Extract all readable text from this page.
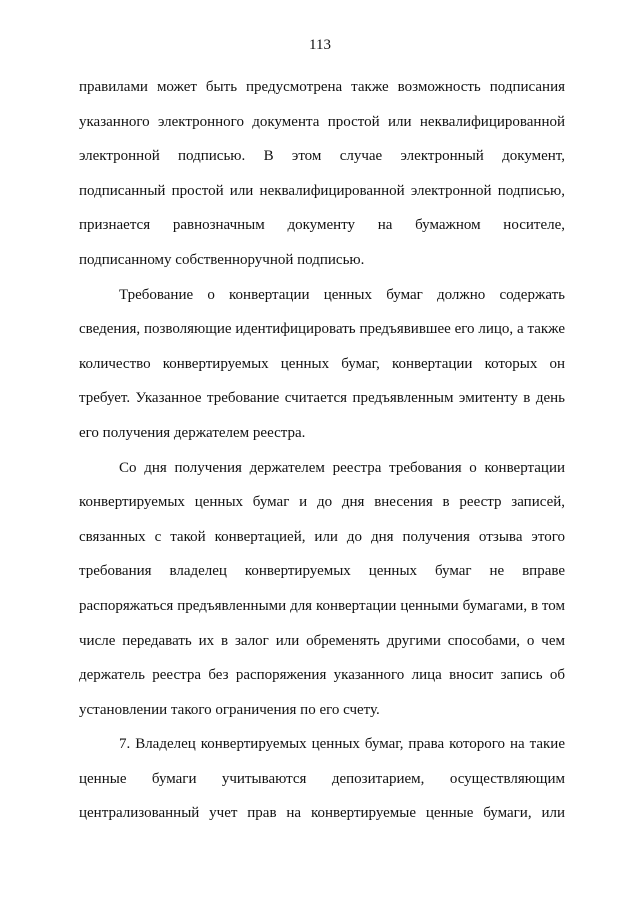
113

правилами может быть предусмотрена также возможность подписания указанного электронного документа простой или неквалифицированной электронной подписью. В этом случае электронный документ, подписанный простой или неквалифицированной электронной подписью, признается равнозначным документу на бумажном носителе, подписанному собственноручной подписью.

Требование о конвертации ценных бумаг должно содержать сведения, позволяющие идентифицировать предъявившее его лицо, а также количество конвертируемых ценных бумаг, конвертации которых он требует. Указанное требование считается предъявленным эмитенту в день его получения держателем реестра.

Со дня получения держателем реестра требования о конвертации конвертируемых ценных бумаг и до дня внесения в реестр записей, связанных с такой конвертацией, или до дня получения отзыва этого требования владелец конвертируемых ценных бумаг не вправе распоряжаться предъявленными для конвертации ценными бумагами, в том числе передавать их в залог или обременять другими способами, о чем держатель реестра без распоряжения указанного лица вносит запись об установлении такого ограничения по его счету.

7. Владелец конвертируемых ценных бумаг, права которого на такие ценные бумаги учитываются депозитарием, осуществляющим централизованный учет прав на конвертируемые ценные бумаги, или
